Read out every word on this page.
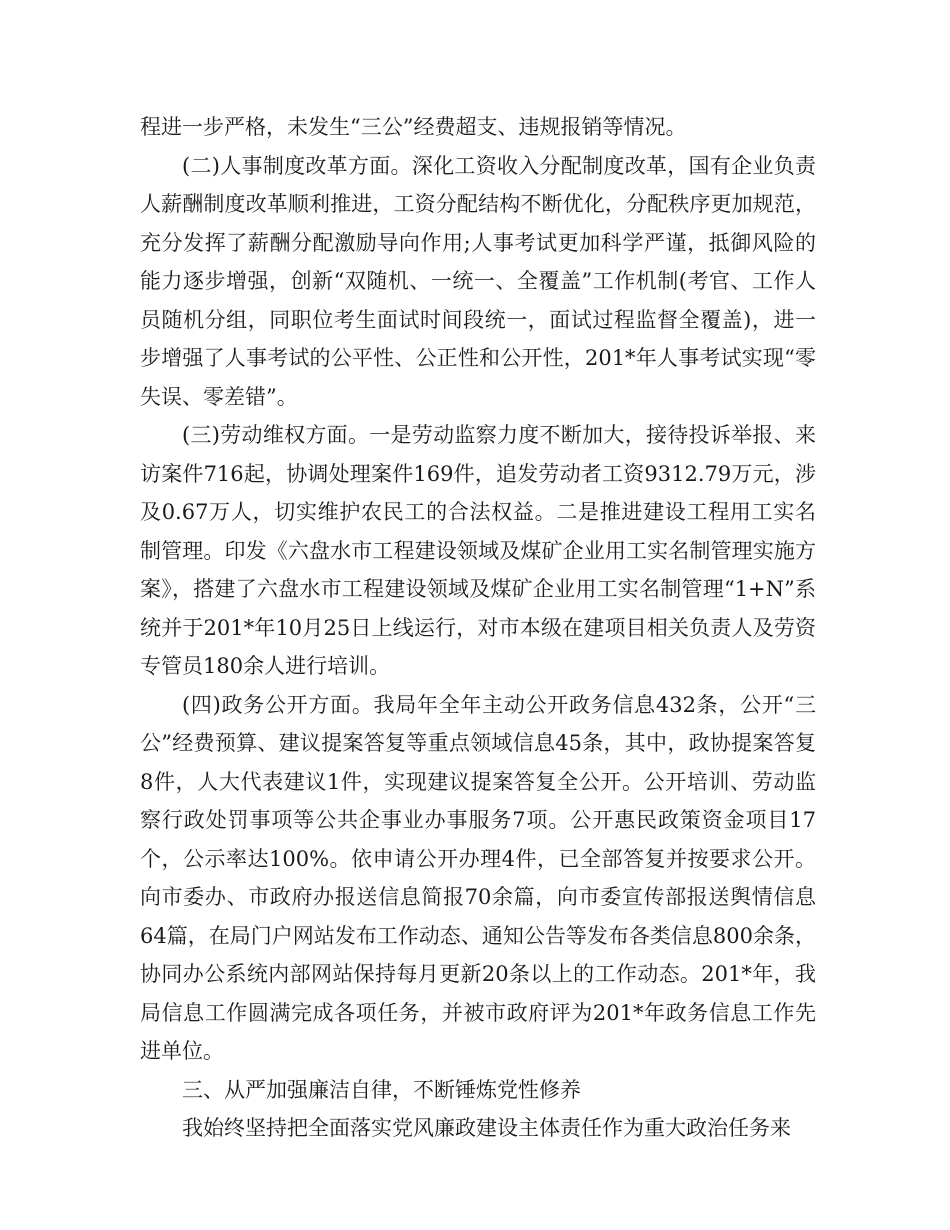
程进一步严格，未发生“三公”经费超支、违规报销等情况。

(二)人事制度改革方面。深化工资收入分配制度改革，国有企业负责人薪酬制度改革顺利推进，工资分配结构不断优化，分配秩序更加规范，充分发挥了薪酬分配激励导向作用;人事考试更加科学严谨，抵御风险的能力逐步增强，创新“双随机、一统一、全覆盖”工作机制(考官、工作人员随机分组，同职位考生面试时间段统一，面试过程监督全覆盖)，进一步增强了人事考试的公平性、公正性和公开性，201*年人事考试实现“零失误、零差错”。

(三)劳动维权方面。一是劳动监察力度不断加大，接待投诉举报、来访案件716起，协调处理案件169件，追发劳动者工资9312.79万元，涉及0.67万人，切实维护农民工的合法权益。二是推进建设工程用工实名制管理。印发《六盘水市工程建设领域及煤矿企业用工实名制管理实施方案》，搭建了六盘水市工程建设领域及煤矿企业用工实名制管理“1+N”系统并于201*年10月25日上线运行，对市本级在建项目相关负责人及劳资专管员180余人进行培训。

(四)政务公开方面。我局年全年主动公开政务信息432条，公开“三公”经费预算、建议提案答复等重点领域信息45条，其中，政协提案答复8件，人大代表建议1件，实现建议提案答复全公开。公开培训、劳动监察行政处罚事项等公共企事业办事服务7项。公开惠民政策资金项目17个，公示率达100%。依申请公开办理4件，已全部答复并按要求公开。向市委办、市政府办报送信息简报70余篇，向市委宣传部报送舆情信息64篇，在局门户网站发布工作动态、通知公告等发布各类信息800余条，协同办公系统内部网站保持每月更新20条以上的工作动态。201*年，我局信息工作圆满完成各项任务，并被市政府评为201*年政务信息工作先进单位。

三、从严加强廉洁自律，不断锤炼党性修养

我始终坚持把全面落实党风廉政建设主体责任作为重大政治任务来
